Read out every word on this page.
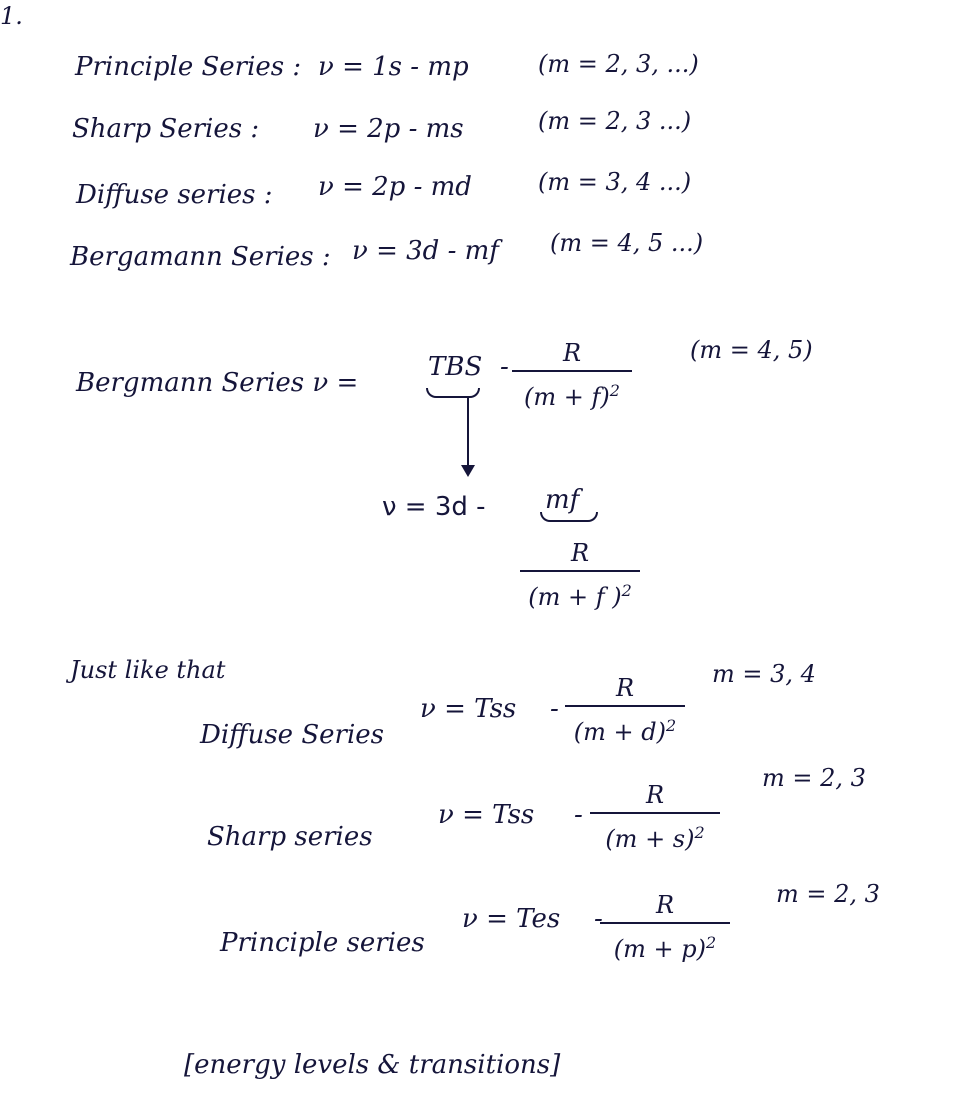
1.
Principle Series : ν = 1s - mp	(m = 2, 3, ...)
Sharp Series : ν = 2p - ms	(m = 2, 3 ...)
Diffuse series : ν = 2p - md	(m = 3, 4 ...)
Bergamann Series : ν = 3d - mf (m = 4, 5 ...)
Bergmann Series ν =
TBS -	R
$(m + f)^2$
(m = 4, 5)
ν = 3d - mf
R
(m + f )$^2$
Just like that
Diffuse Series
ν = Tss -
R
$(m + d)^2$
m = 3, 4
Sharp series
ν = Tss -
R
$(m + s)^2$
m = 2, 3
Principle series
ν = Tes -	R
$(m + p)^2$
m = 2, 3
[energy levels & transitions]
